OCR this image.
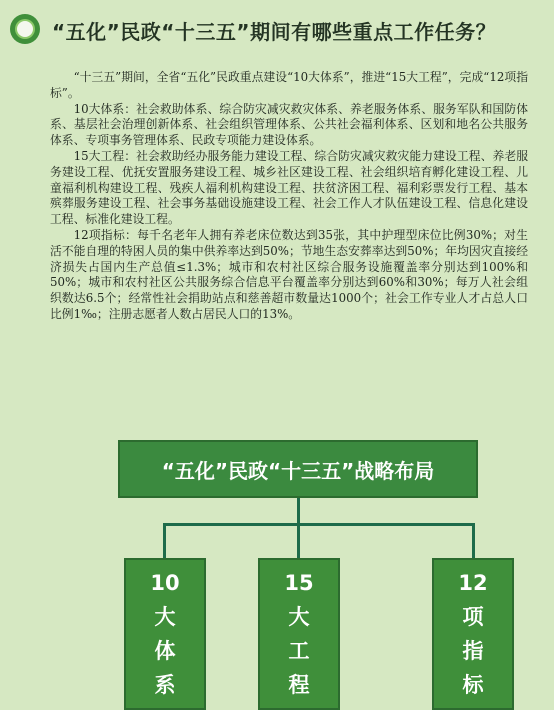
“五化”民政“十三五”期间有哪些重点工作任务？

“十三五”期间，全省“五化”民政重点建设“10大体系”，推进“15大工程”，完成“12项指标”。

10大体系：社会救助体系、综合防灾减灾救灾体系、养老服务体系、服务军队和国防体系、基层社会治理创新体系、社会组织管理体系、公共社会福利体系、区划和地名公共服务体系、专项事务管理体系、民政专项能力建设体系。

15大工程：社会救助经办服务能力建设工程、综合防灾减灾救灾能力建设工程、养老服务建设工程、优抚安置服务建设工程、城乡社区建设工程、社会组织培育孵化建设工程、儿童福利机构建设工程、残疾人福利机构建设工程、扶贫济困工程、福利彩票发行工程、基本殡葬服务建设工程、社会事务基础设施建设工程、社会工作人才队伍建设工程、信息化建设工程、标准化建设工程。

12项指标：每千名老年人拥有养老床位数达到35张，其中护理型床位比例30%；对生活不能自理的特困人员的集中供养率达到50%；节地生态安葬率达到50%；年均因灾直接经济损失占国内生产总值≤1.3%；城市和农村社区综合服务设施覆盖率分别达到100%和50%；城市和农村社区公共服务综合信息平台覆盖率分别达到60%和30%；每万人社会组织数达6.5个；经常性社会捐助站点和慈善超市数量达1000个；社会工作专业人才占总人口比例1‰；注册志愿者人数占居民人口的13%。

“五化”民政“十三五”战略布局
10
大
体
系
15
大
工
程
12
项
指
标
